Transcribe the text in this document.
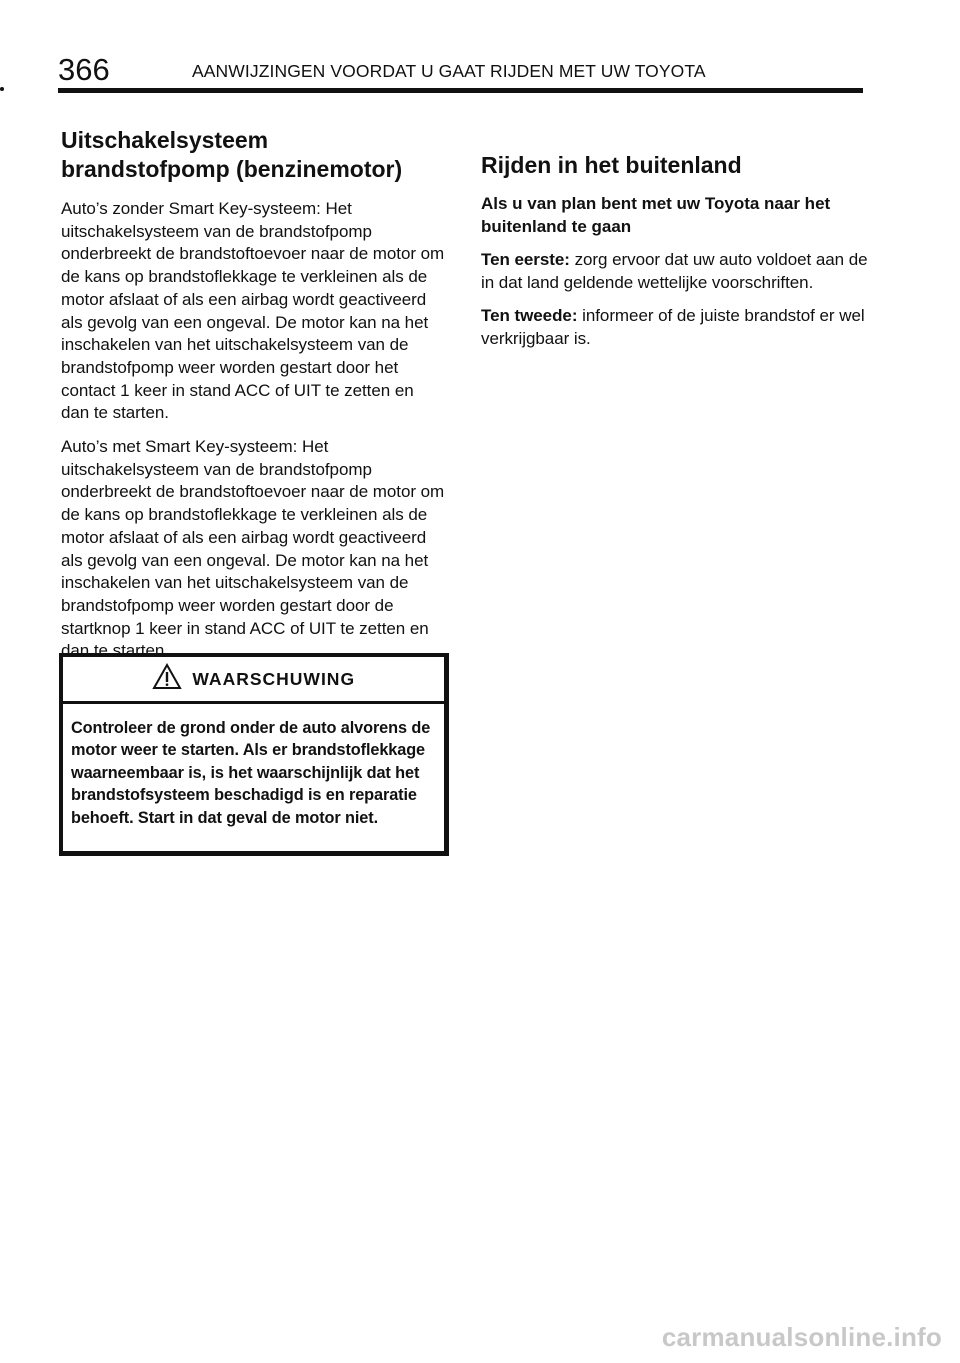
366	AANWIJZINGEN VOORDAT U GAAT RIJDEN MET UW TOYOTA
Uitschakelsysteem
brandstofpomp (benzinemotor)

Auto’s zonder Smart Key‑systeem: Het uitschakelsysteem van de brandstofpomp onderbreekt de brandstoftoevoer naar de motor om de kans op brandstoflekkage te verkleinen als de motor afslaat of als een airbag wordt geactiveerd als gevolg van een ongeval. De motor kan na het inschakelen van het uitschakelsysteem van de brandstofpomp weer worden gestart door het contact 1 keer in stand ACC of UIT te zetten en dan te starten.

Auto’s met Smart Key‑systeem: Het uitschakelsysteem van de brandstofpomp onderbreekt de brandstoftoevoer naar de motor om de kans op brandstoflekkage te verkleinen als de motor afslaat of als een airbag wordt geactiveerd als gevolg van een ongeval. De motor kan na het inschakelen van het uitschakelsysteem van de brandstofpomp weer worden gestart door de startknop 1 keer in stand ACC of UIT te zetten en dan te starten.

WAARSCHUWING

Controleer de grond onder de auto alvorens de motor weer te starten. Als er brandstoflekkage waarneembaar is, is het waarschijnlijk dat het brandstofsysteem beschadigd is en reparatie behoeft. Start in dat geval de motor niet.

Rijden in het buitenland

Als u van plan bent met uw Toyota naar het buitenland te gaan

Ten eerste: zorg ervoor dat uw auto voldoet aan de in dat land geldende wettelijke voorschriften.

Ten tweede: informeer of de juiste brandstof er wel verkrijgbaar is.

carmanualsonline.info
